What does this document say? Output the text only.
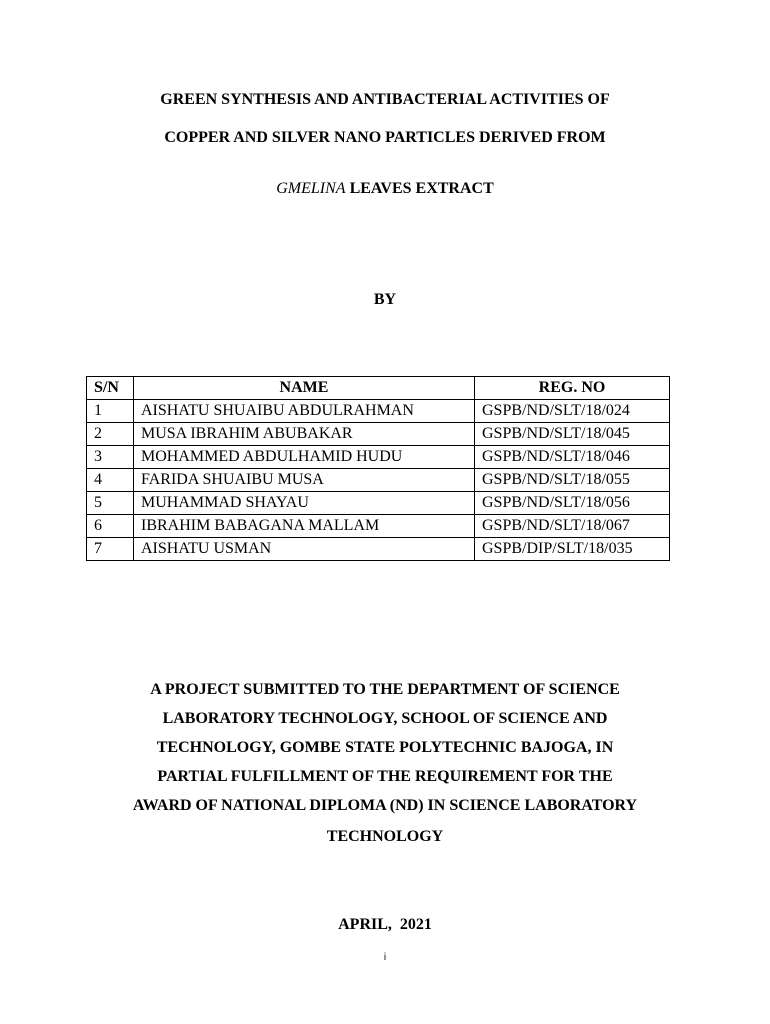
GREEN SYNTHESIS AND ANTIBACTERIAL ACTIVITIES OF
COPPER AND SILVER NANO PARTICLES DERIVED FROM
GMELINA LEAVES EXTRACT
BY
S/N	NAME	REG. NO
1	AISHATU SHUAIBU ABDULRAHMAN	GSPB/ND/SLT/18/024
2	MUSA IBRAHIM ABUBAKAR	GSPB/ND/SLT/18/045
3	MOHAMMED ABDULHAMID HUDU	GSPB/ND/SLT/18/046
4	FARIDA SHUAIBU MUSA	GSPB/ND/SLT/18/055
5	MUHAMMAD SHAYAU	GSPB/ND/SLT/18/056
6	IBRAHIM BABAGANA MALLAM	GSPB/ND/SLT/18/067
7	AISHATU USMAN	GSPB/DIP/SLT/18/035
A PROJECT SUBMITTED TO THE DEPARTMENT OF SCIENCE
LABORATORY TECHNOLOGY, SCHOOL OF SCIENCE AND
TECHNOLOGY, GOMBE STATE POLYTECHNIC BAJOGA, IN
PARTIAL FULFILLMENT OF THE REQUIREMENT FOR THE
AWARD OF NATIONAL DIPLOMA (ND) IN SCIENCE LABORATORY
TECHNOLOGY
APRIL,  2021
i
